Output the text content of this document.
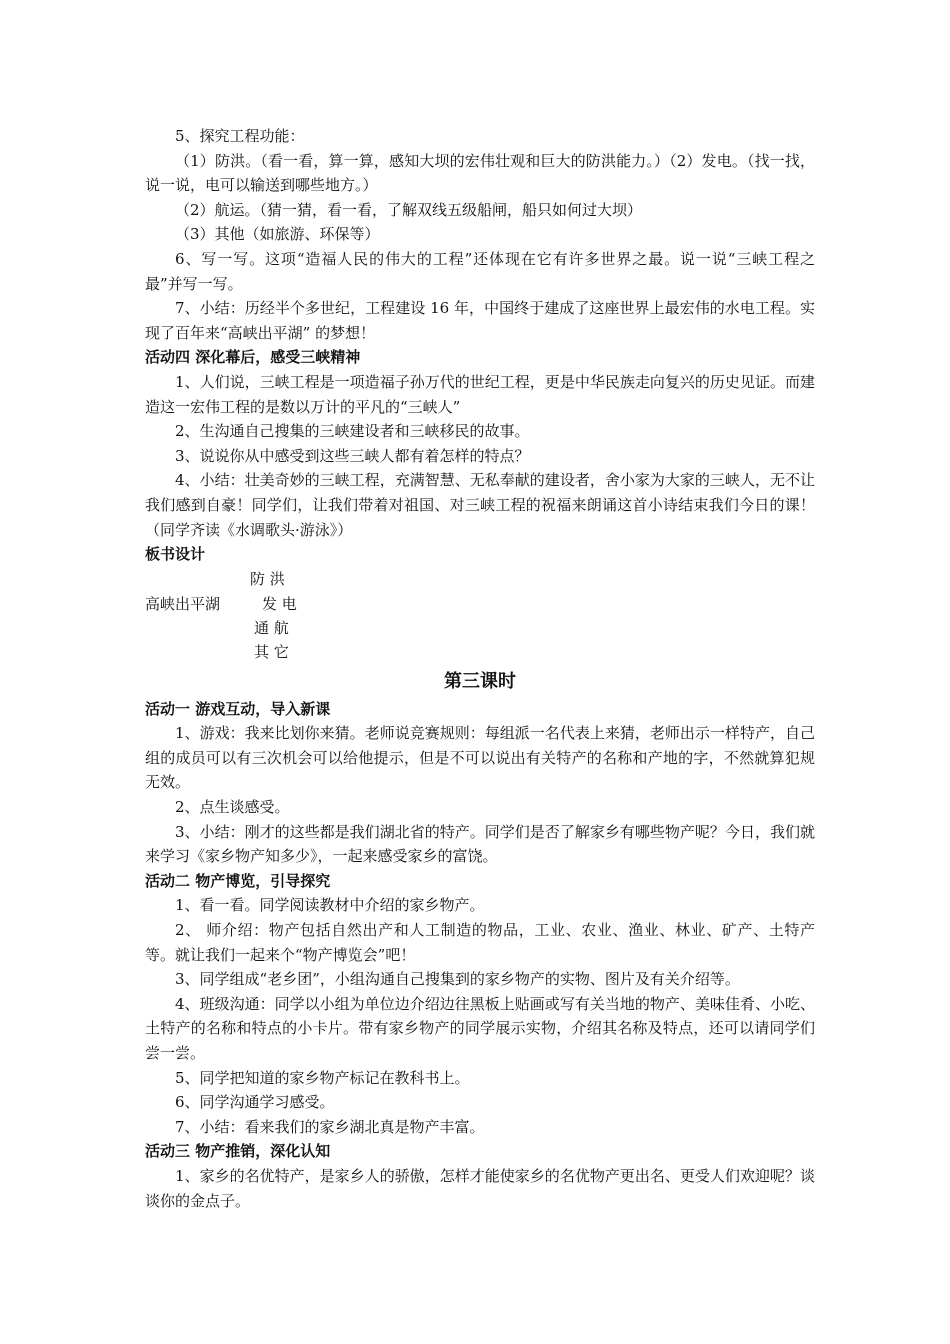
5、探究工程功能：

（1）防洪。（看一看，算一算，感知大坝的宏伟壮观和巨大的防洪能力。）（2）发电。（找一找，说一说，电可以输送到哪些地方。）

（2）航运。（猜一猜，看一看，了解双线五级船闸，船只如何过大坝）

（3）其他（如旅游、环保等）

6、写一写。这项“造福人民的伟大的工程”还体现在它有许多世界之最。说一说“三峡工程之最”并写一写。

7、小结：历经半个多世纪，工程建设 16 年，中国终于建成了这座世界上最宏伟的水电工程。实现了百年来“高峡出平湖” 的梦想！

活动四 深化幕后，感受三峡精神

1、人们说，三峡工程是一项造福子孙万代的世纪工程，更是中华民族走向复兴的历史见证。而建造这一宏伟工程的是数以万计的平凡的“三峡人”

2、生沟通自己搜集的三峡建设者和三峡移民的故事。

3、说说你从中感受到这些三峡人都有着怎样的特点？

4、小结：壮美奇妙的三峡工程，充满智慧、无私奉献的建设者，舍小家为大家的三峡人，无不让我们感到自豪！同学们，让我们带着对祖国、对三峡工程的祝福来朗诵这首小诗结束我们今日的课！（同学齐读《水调歌头·游泳》）

板书设计

防 洪
高峡出平湖	发 电
通 航
其 它
第三课时

活动一 游戏互动，导入新课

1、游戏：我来比划你来猜。老师说竞赛规则：每组派一名代表上来猜，老师出示一样特产，自己组的成员可以有三次机会可以给他提示，但是不可以说出有关特产的名称和产地的字，不然就算犯规无效。

2、点生谈感受。

3、小结：刚才的这些都是我们湖北省的特产。同学们是否了解家乡有哪些物产呢？今日，我们就来学习《家乡物产知多少》，一起来感受家乡的富饶。

活动二 物产博览，引导探究

1、看一看。同学阅读教材中介绍的家乡物产。

2、 师介绍：物产包括自然出产和人工制造的物品，工业、农业、渔业、林业、矿产、土特产等。就让我们一起来个“物产博览会”吧！

3、同学组成“老乡团”，小组沟通自己搜集到的家乡物产的实物、图片及有关介绍等。

4、班级沟通：同学以小组为单位边介绍边往黑板上贴画或写有关当地的物产、美味佳肴、小吃、土特产的名称和特点的小卡片。带有家乡物产的同学展示实物，介绍其名称及特点，还可以请同学们尝一尝。

5、同学把知道的家乡物产标记在教科书上。

6、同学沟通学习感受。

7、小结：看来我们的家乡湖北真是物产丰富。

活动三 物产推销，深化认知

1、家乡的名优特产，是家乡人的骄傲，怎样才能使家乡的名优物产更出名、更受人们欢迎呢？谈谈你的金点子。
